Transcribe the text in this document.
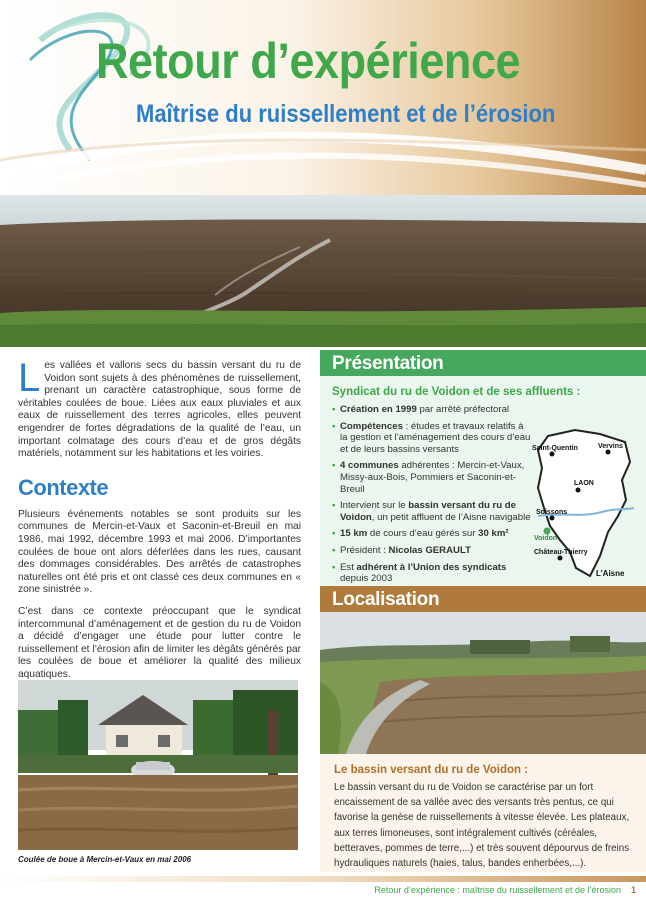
Retour d’expérience
Maîtrise du ruissellement et de l’érosion
Les vallées et vallons secs du bassin versant du ru de Voidon sont sujets à des phénomènes de ruissellement, prenant un caractère catastrophique, sous forme de véritables coulées de boue. Liées aux eaux pluviales et aux eaux de ruissellement des terres agricoles, elles peuvent engendrer de fortes dégradations de la qualité de l’eau, un important colmatage des cours d’eau et de gros dégâts matériels, notamment sur les habitations et les voiries.
Contexte

Plusieurs événements notables se sont produits sur les communes de Mercin-et-Vaux et Saconin-et-Breuil en mai 1986, mai 1992, décembre 1993 et mai 2006. D’importantes coulées de boue ont alors déferlées dans les rues, causant des dommages considérables. Des arrêtés de catastrophes naturelles ont été pris et ont classé ces deux communes en « zone sinistrée ».

C’est dans ce contexte préoccupant que le syndicat intercommunal d’aménagement et de gestion du ru de Voidon a décidé d’engager une étude pour lutter contre le ruissellement et l’érosion afin de limiter les dégâts générés par les coulées de boue et améliorer la qualité des milieux aquatiques.

Coulée de boue à Mercin-et-Vaux en mai 2006
Présentation
Syndicat du ru de Voidon et de ses affluents :
• Création en 1999 par arrêté préfectoral
• Compétences : études et travaux relatifs à la gestion et l’aménagement des cours d’eau et de leurs bassins versants
• 4 communes adhérentes : Mercin-et-Vaux, Missy-aux-Bois, Pommiers et Saconin-et-Breuil
• Intervient sur le bassin versant du ru de Voidon, un petit affluent de l’Aisne navigable
• 15 km de cours d’eau gérés sur 30 km²
• Président : Nicolas GERAULT
• Est adhérent à l’Union des syndicats depuis 2003
Saint-Quentin	Vervins
LAON
Soissons
Voidon
Château-Thierry
L’Aisne
Localisation
Le bassin versant du ru de Voidon :
Le bassin versant du ru de Voidon se caractérise par un fort encaissement de sa vallée avec des versants très pentus, ce qui favorise la genèse de ruissellements à vitesse élevée. Les plateaux, aux terres limoneuses, sont intégralement cultivés (céréales, betteraves, pommes de terre,...) et très souvent dépourvus de freins hydrauliques naturels (haies, talus, bandes enherbées,...).
Retour d’expérience : maîtrise du ruissellement et de l’érosion 1
